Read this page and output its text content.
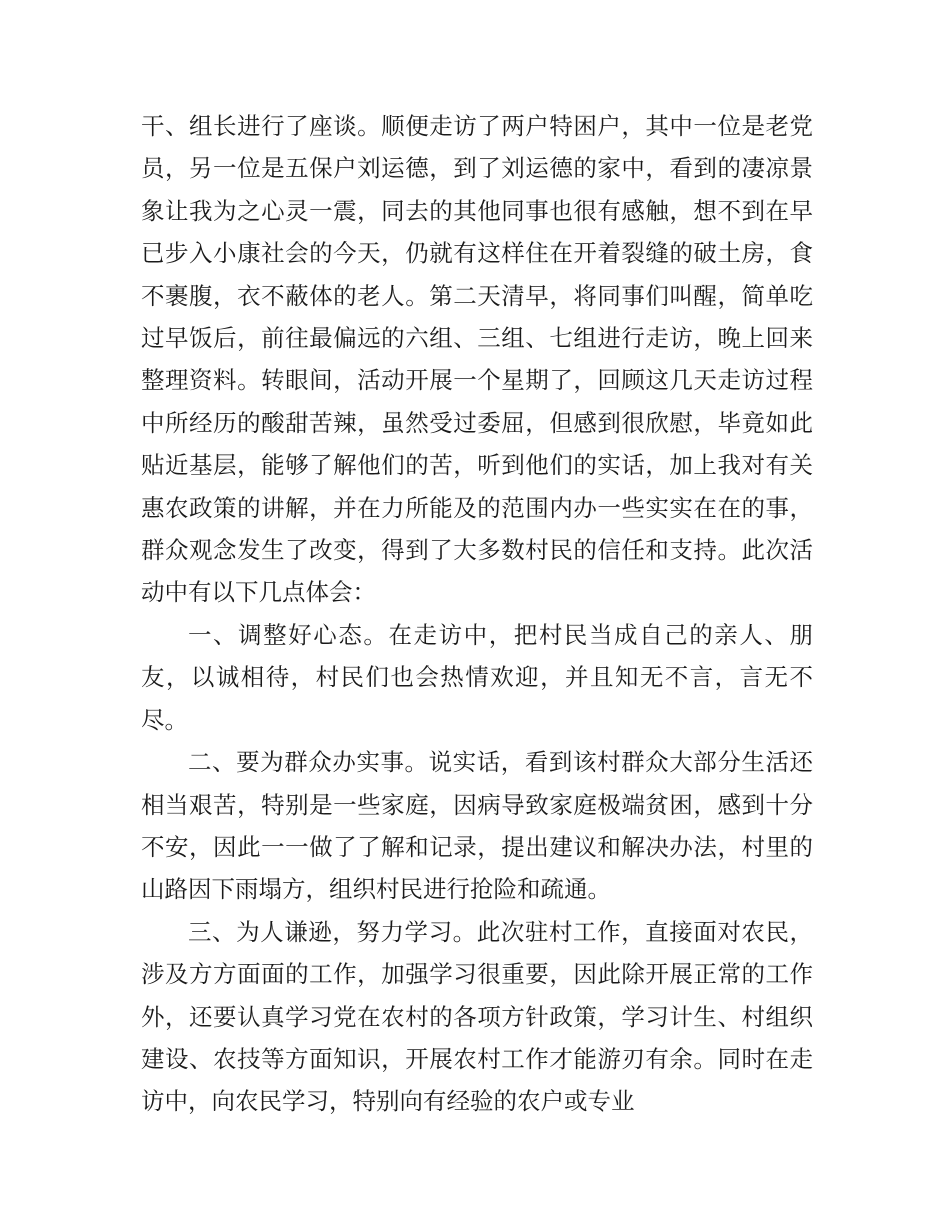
干、组长进行了座谈。顺便走访了两户特困户，其中一位是老党员，另一位是五保户刘运德，到了刘运德的家中，看到的凄凉景象让我为之心灵一震，同去的其他同事也很有感触，想不到在早已步入小康社会的今天，仍就有这样住在开着裂缝的破土房，食不裹腹，衣不蔽体的老人。第二天清早，将同事们叫醒，简单吃过早饭后，前往最偏远的六组、三组、七组进行走访，晚上回来整理资料。转眼间，活动开展一个星期了，回顾这几天走访过程中所经历的酸甜苦辣，虽然受过委屈，但感到很欣慰，毕竟如此贴近基层，能够了解他们的苦，听到他们的实话，加上我对有关惠农政策的讲解，并在力所能及的范围内办一些实实在在的事，群众观念发生了改变，得到了大多数村民的信任和支持。此次活动中有以下几点体会：

一、调整好心态。在走访中，把村民当成自己的亲人、朋友，以诚相待，村民们也会热情欢迎，并且知无不言，言无不尽。

二、要为群众办实事。说实话，看到该村群众大部分生活还相当艰苦，特别是一些家庭，因病导致家庭极端贫困，感到十分不安，因此一一做了了解和记录，提出建议和解决办法，村里的山路因下雨塌方，组织村民进行抢险和疏通。

三、为人谦逊，努力学习。此次驻村工作，直接面对农民，涉及方方面面的工作，加强学习很重要，因此除开展正常的工作外，还要认真学习党在农村的各项方针政策，学习计生、村组织建设、农技等方面知识，开展农村工作才能游刃有余。同时在走访中，向农民学习，特别向有经验的农户或专业
